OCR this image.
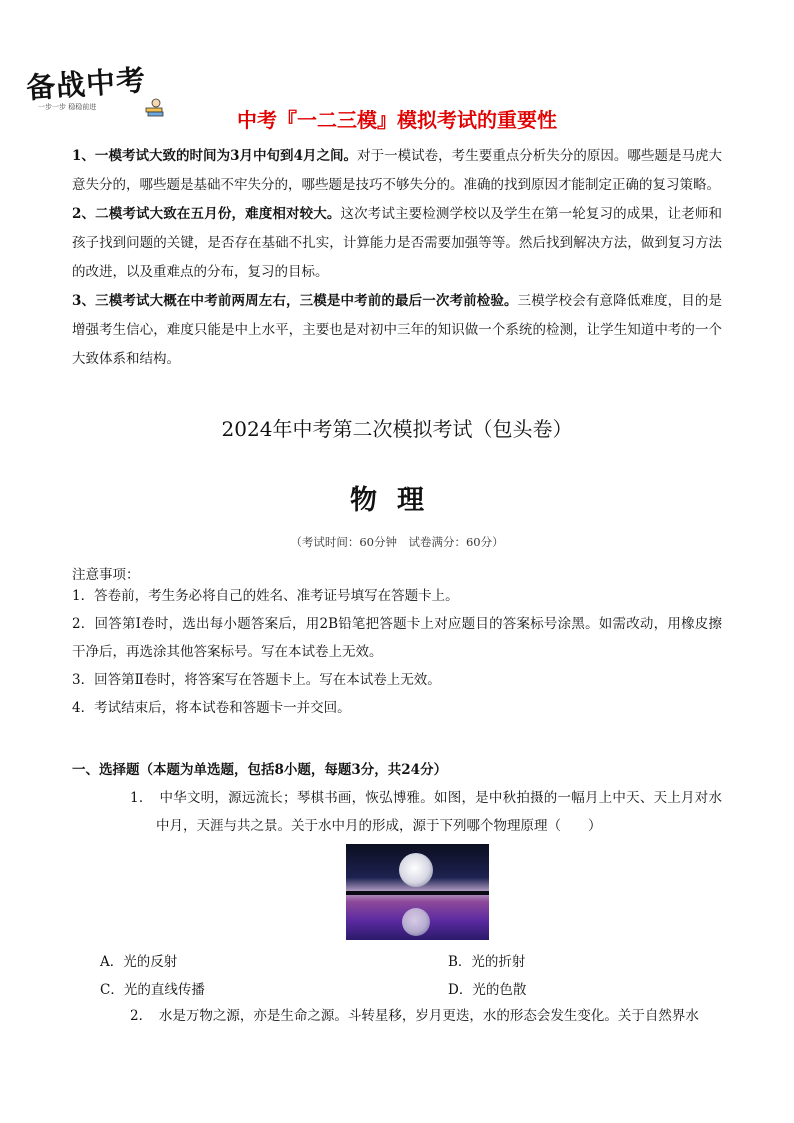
备战中考
一步一步 稳稳前进
中考『一二三模』模拟考试的重要性

1、一模考试大致的时间为3月中旬到4月之间。对于一模试卷，考生要重点分析失分的原因。哪些题是马虎大意失分的，哪些题是基础不牢失分的，哪些题是技巧不够失分的。准确的找到原因才能制定正确的复习策略。

2、二模考试大致在五月份，难度相对较大。这次考试主要检测学校以及学生在第一轮复习的成果，让老师和孩子找到问题的关键，是否存在基础不扎实，计算能力是否需要加强等等。然后找到解决方法，做到复习方法的改进，以及重难点的分布，复习的目标。

3、三模考试大概在中考前两周左右，三模是中考前的最后一次考前检验。三模学校会有意降低难度，目的是增强考生信心，难度只能是中上水平，主要也是对初中三年的知识做一个系统的检测，让学生知道中考的一个大致体系和结构。

2024年中考第二次模拟考试（包头卷）
物理
（考试时间：60分钟　试卷满分：60分）
注意事项：

1．答卷前，考生务必将自己的姓名、准考证号填写在答题卡上。

2．回答第Ⅰ卷时，选出每小题答案后，用2B铅笔把答题卡上对应题目的答案标号涂黑。如需改动，用橡皮擦干净后，再选涂其他答案标号。写在本试卷上无效。

3．回答第Ⅱ卷时，将答案写在答题卡上。写在本试卷上无效。

4．考试结束后，将本试卷和答题卡一并交回。

一、选择题（本题为单选题，包括8小题，每题3分，共24分）
1．　中华文明，源远流长；琴棋书画，恢弘博雅。如图，是中秋拍摄的一幅月上中天、天上月对水中月，天涯与共之景。关于水中月的形成，源于下列哪个物理原理（　　）
A．光的反射	B．光的折射
C．光的直线传播	D．光的色散
2．　水是万物之源，亦是生命之源。斗转星移，岁月更迭，水的形态会发生变化。关于自然界水
